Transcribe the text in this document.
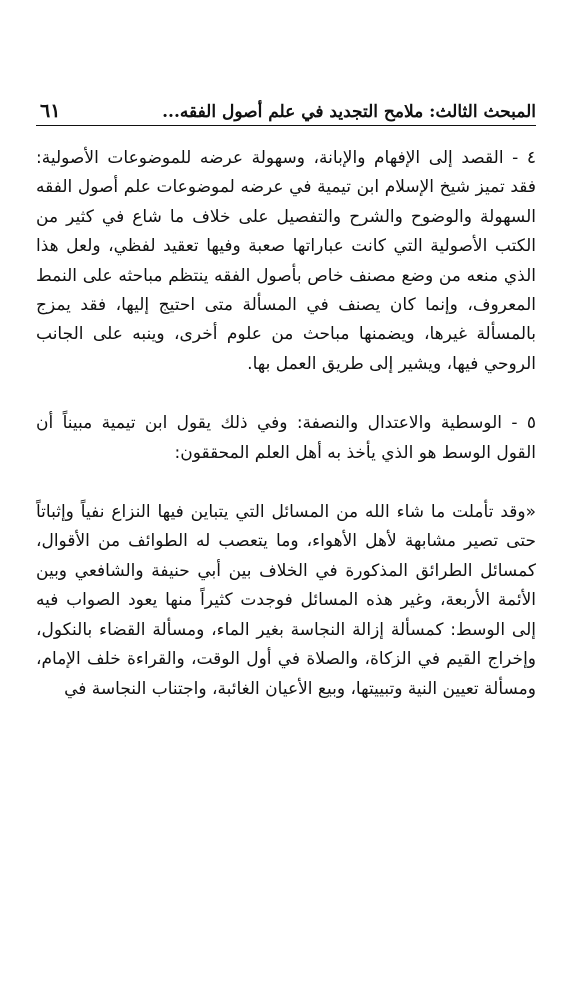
المبحث الثالث: ملامح التجديد في علم أصول الفقه...
٦١

٤ - القصد إلى الإفهام والإبانة، وسهولة عرضه للموضوعات الأصولية: فقد تميز شيخ الإسلام ابن تيمية في عرضه لموضوعات علم أصول الفقه السهولة والوضوح والشرح والتفصيل على خلاف ما شاع في كثير من الكتب الأصولية التي كانت عباراتها صعبة وفيها تعقيد لفظي، ولعل هذا الذي منعه من وضع مصنف خاص بأصول الفقه ينتظم مباحثه على النمط المعروف، وإنما كان يصنف في المسألة متى احتيج إليها، فقد يمزج بالمسألة غيرها، ويضمنها مباحث من علوم أخرى، وينبه على الجانب الروحي فيها، ويشير إلى طريق العمل بها.

٥ - الوسطية والاعتدال والنصفة: وفي ذلك يقول ابن تيمية مبيناً أن القول الوسط هو الذي يأخذ به أهل العلم المحققون:

«وقد تأملت ما شاء الله من المسائل التي يتباين فيها النزاع نفياً وإثباتاً حتى تصير مشابهة لأهل الأهواء، وما يتعصب له الطوائف من الأقوال، كمسائل الطرائق المذكورة في الخلاف بين أبي حنيفة والشافعي وبين الأئمة الأربعة، وغير هذه المسائل فوجدت كثيراً منها يعود الصواب فيه إلى الوسط: كمسألة إزالة النجاسة بغير الماء، ومسألة القضاء بالنكول، وإخراج القيم في الزكاة، والصلاة في أول الوقت، والقراءة خلف الإمام، ومسألة تعيين النية وتبييتها، وبيع الأعيان الغائبة، واجتناب النجاسة في
